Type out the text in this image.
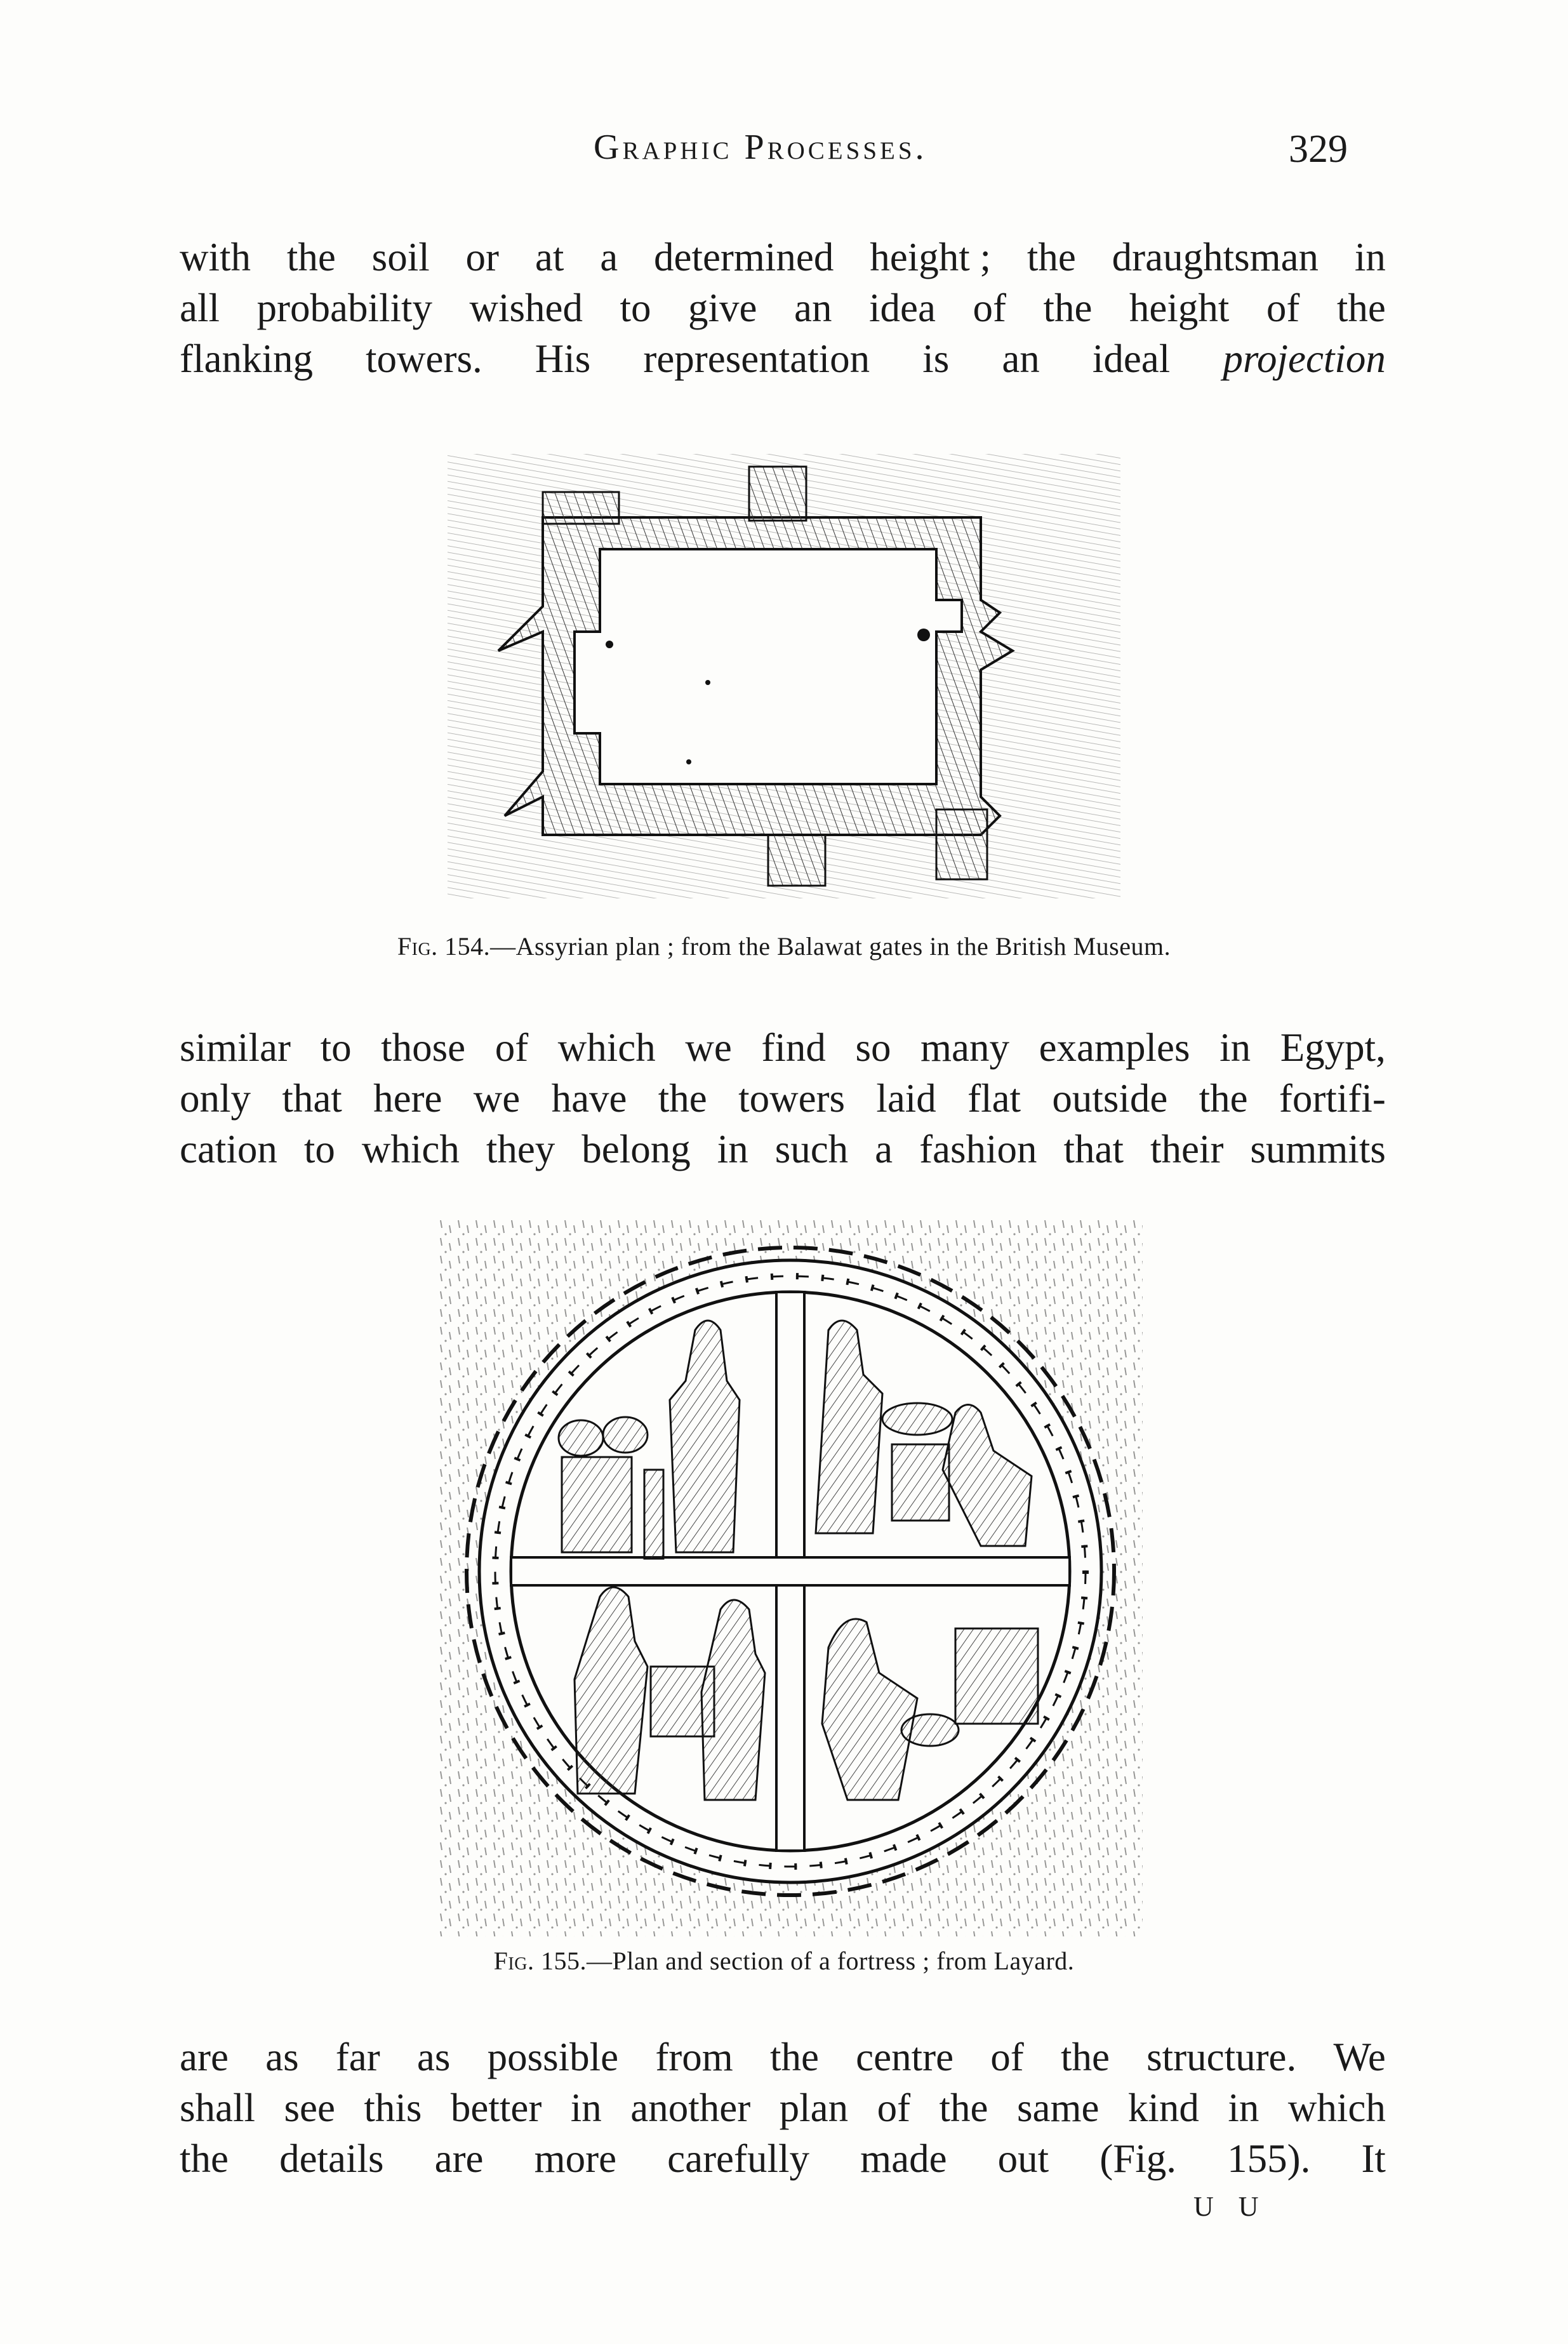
Graphic Processes.	329
with the soil or at a determined height ; the draughtsman in
all probability wished to give an idea of the height of the
flanking towers. His representation is an ideal projection
Fig. 154.—Assyrian plan ; from the Balawat gates in the British Museum.
similar to those of which we find so many examples in Egypt,
only that here we have the towers laid flat outside the fortifi-
cation to which they belong in such a fashion that their summits
Fig. 155.—Plan and section of a fortress ; from Layard.
are as far as possible from the centre of the structure. We
shall see this better in another plan of the same kind in which
the details are more carefully made out (Fig. 155). It
U U
